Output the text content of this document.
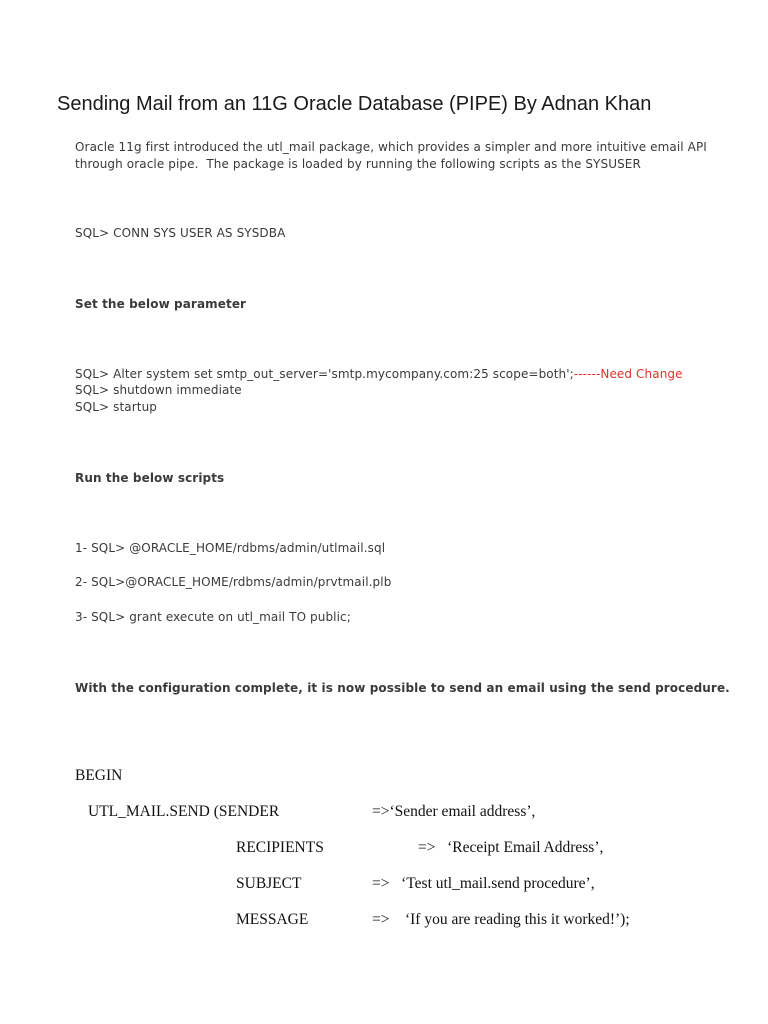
Sending Mail from an 11G Oracle Database (PIPE) By Adnan Khan
Oracle 11g first introduced the utl_mail package, which provides a simpler and more intuitive email API
through oracle pipe.  The package is loaded by running the following scripts as the SYSUSER
SQL> CONN SYS USER AS SYSDBA
Set the below parameter
SQL> Alter system set smtp_out_server='smtp.mycompany.com:25 scope=both';------Need Change
SQL> shutdown immediate
SQL> startup
Run the below scripts
1- SQL> @ORACLE_HOME/rdbms/admin/utlmail.sql
2- SQL>@ORACLE_HOME/rdbms/admin/prvtmail.plb
3- SQL> grant execute on utl_mail TO public;
With the configuration complete, it is now possible to send an email using the send procedure.
BEGIN
UTL_MAIL.SEND (SENDER	=>‘Sender email address’,
RECIPIENTS	=>   ‘Receipt Email Address’,
SUBJECT	=>   ‘Test utl_mail.send procedure’,
MESSAGE	=>    ‘If you are reading this it worked!’);
